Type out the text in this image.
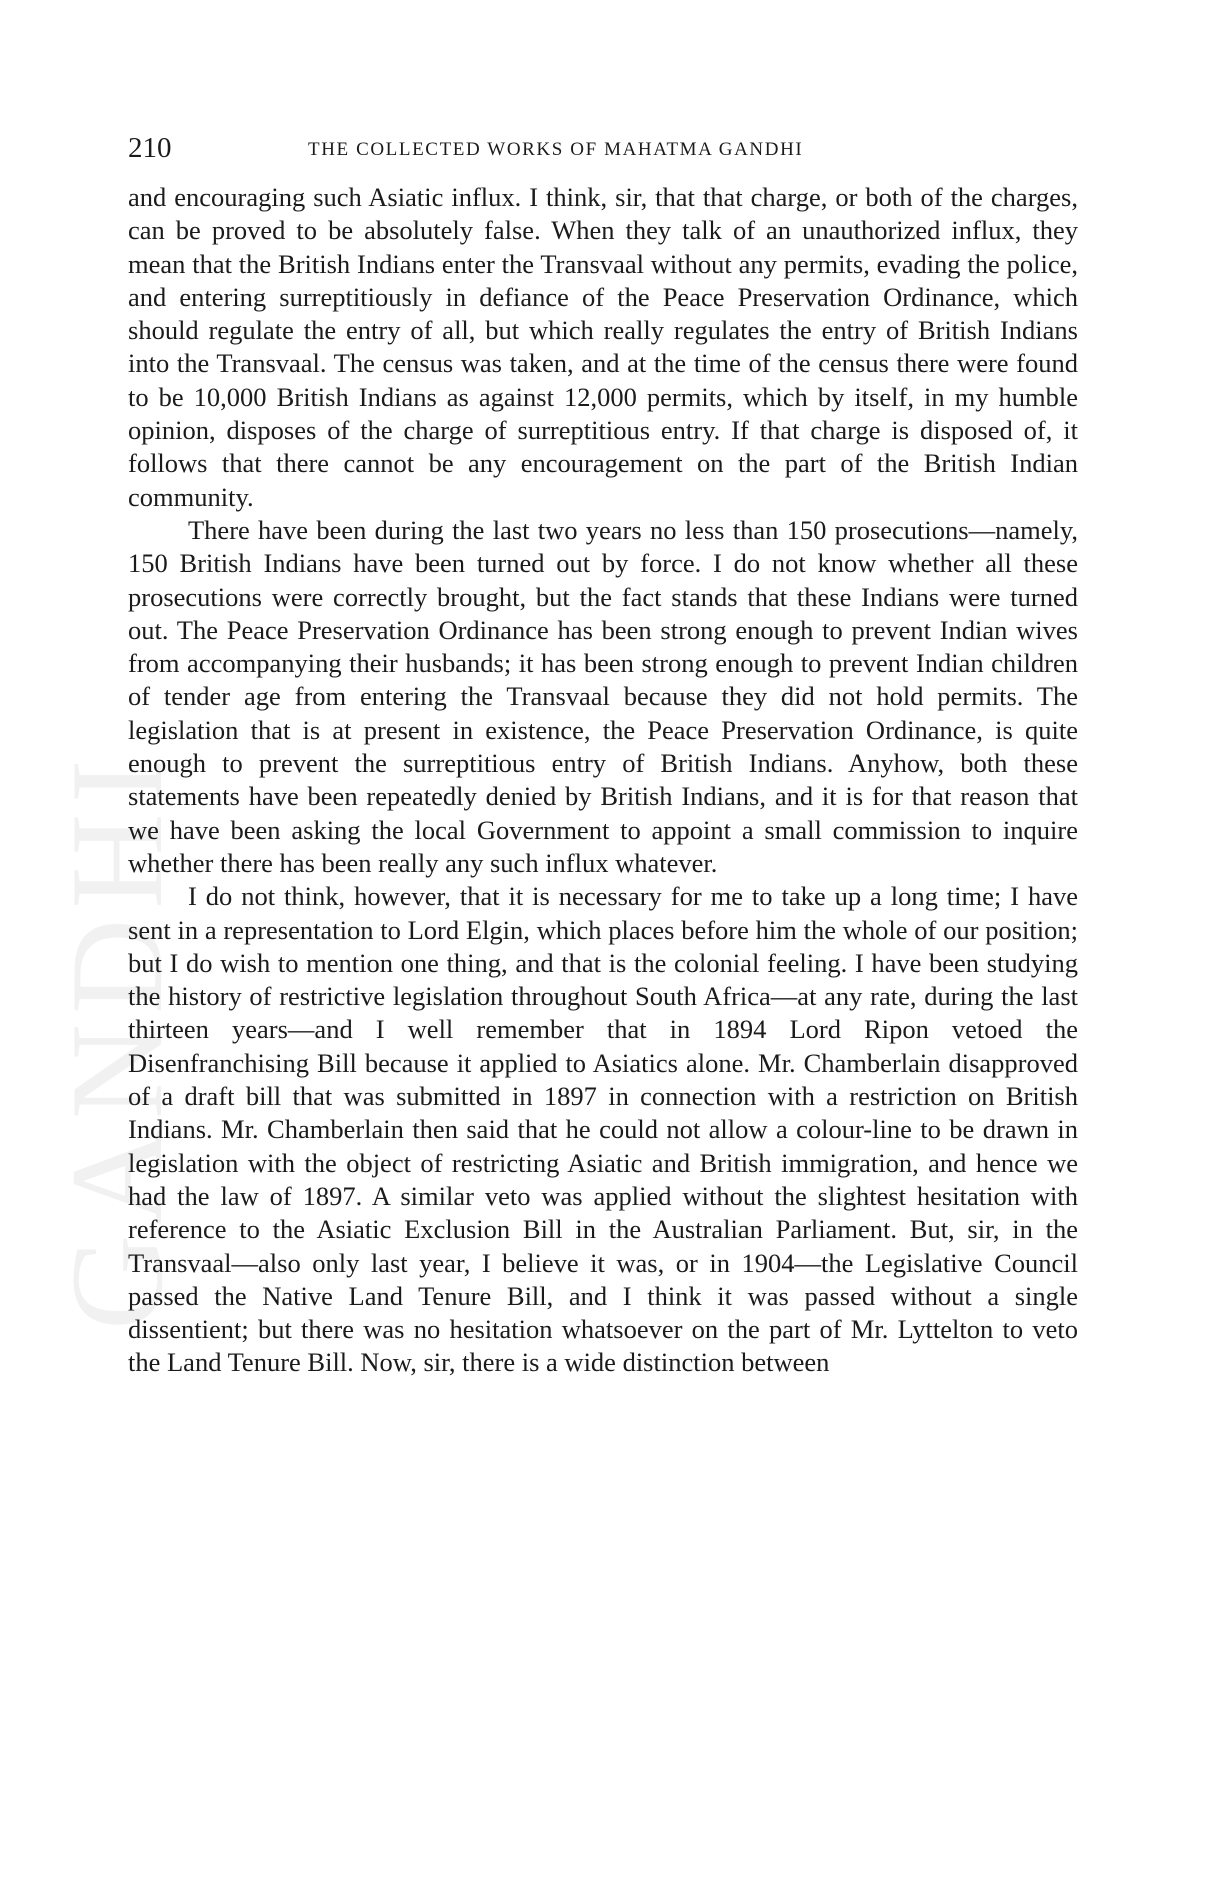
GANDHI
210	THE COLLECTED WORKS OF MAHATMA GANDHI

and encouraging such Asiatic influx. I think, sir, that that charge, or both of the charges, can be proved to be absolutely false. When they talk of an unauthorized influx, they mean that the British Indians enter the Transvaal without any permits, evading the police, and entering surreptitiously in defiance of the Peace Preservation Ordinance, which should regulate the entry of all, but which really regulates the entry of British Indians into the Transvaal. The census was taken, and at the time of the census there were found to be 10,000 British Indians as against 12,000 permits, which by itself, in my humble opinion, disposes of the charge of surreptitious entry. If that charge is disposed of, it follows that there cannot be any encouragement on the part of the British Indian community.

There have been during the last two years no less than 150 prosecutions—namely, 150 British Indians have been turned out by force. I do not know whether all these prosecutions were correctly brought, but the fact stands that these Indians were turned out. The Peace Preservation Ordinance has been strong enough to prevent Indian wives from accompanying their husbands; it has been strong enough to prevent Indian children of tender age from entering the Transvaal because they did not hold permits. The legislation that is at present in existence, the Peace Preservation Ordinance, is quite enough to prevent the surreptitious entry of British Indians. Anyhow, both these statements have been repeatedly denied by British Indians, and it is for that reason that we have been asking the local Government to appoint a small commission to inquire whether there has been really any such influx whatever.

I do not think, however, that it is necessary for me to take up a long time; I have sent in a representation to Lord Elgin, which places before him the whole of our position; but I do wish to mention one thing, and that is the colonial feeling. I have been studying the history of restrictive legislation throughout South Africa—at any rate, during the last thirteen years—and I well remember that in 1894 Lord Ripon vetoed the Disenfranchising Bill because it applied to Asiatics alone. Mr. Chamberlain disapproved of a draft bill that was submitted in 1897 in connection with a restriction on British Indians. Mr. Chamberlain then said that he could not allow a colour-line to be drawn in legislation with the object of restricting Asiatic and British immigration, and hence we had the law of 1897. A similar veto was applied without the slightest hesitation with reference to the Asiatic Exclusion Bill in the Australian Parliament. But, sir, in the Transvaal—also only last year, I believe it was, or in 1904—the Legislative Council passed the Native Land Tenure Bill, and I think it was passed without a single dissentient; but there was no hesitation whatsoever on the part of Mr. Lyttelton to veto the Land Tenure Bill. Now, sir, there is a wide distinction between
